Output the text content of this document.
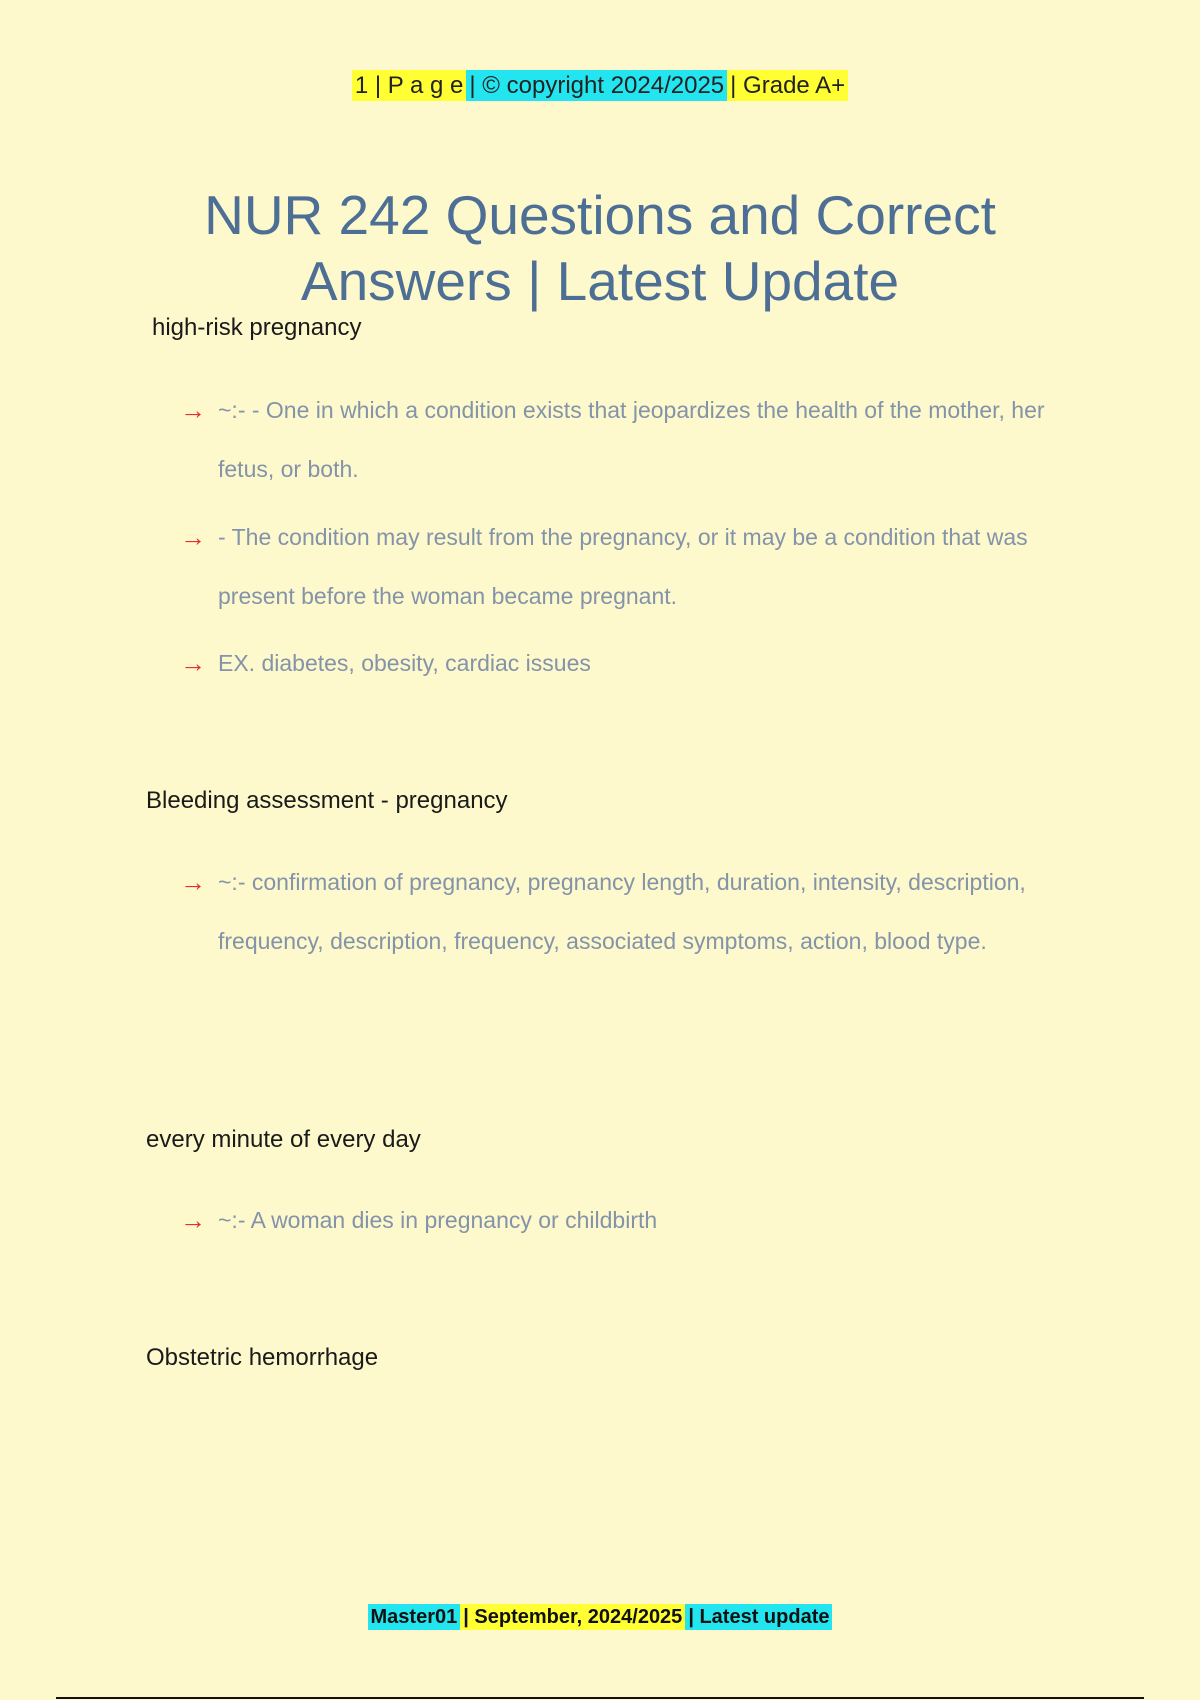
1 | P a g e | © copyright 2024/2025 | Grade A+
NUR 242 Questions and Correct
Answers | Latest Update
high-risk pregnancy
→ ~:- - One in which a condition exists that jeopardizes the health of the mother, her fetus, or both.
→ - The condition may result from the pregnancy, or it may be a condition that was present before the woman became pregnant.
→ EX. diabetes, obesity, cardiac issues
Bleeding assessment - pregnancy
→ ~:- confirmation of pregnancy, pregnancy length, duration, intensity, description, frequency, description, frequency, associated symptoms, action, blood type.
every minute of every day
→ ~:- A woman dies in pregnancy or childbirth
Obstetric hemorrhage
Master01 | September, 2024/2025 | Latest update
